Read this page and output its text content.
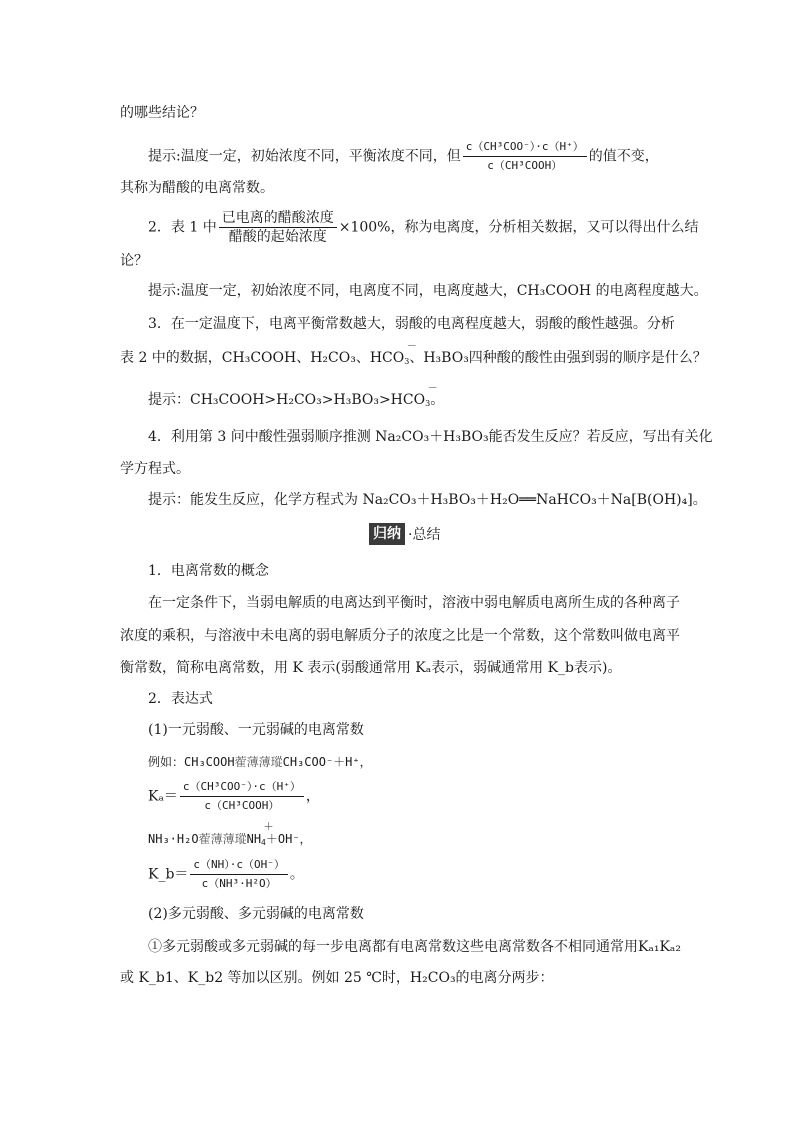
的哪些结论？
提示:温度一定，初始浓度不同，平衡浓度不同，但 $\frac{\text{c（CH³COO⁻）·c（H⁺）}}{\text{c（CH³COOH）}}$ 的值不变，
其称为醋酸的电离常数。
2．表 1 中 $\frac{\text{已电离的醋酸浓度}}{\text{醋酸的起始浓度}} \times 100\%$，称为电离度，分析相关数据，又可以得出什么结
论？
提示:温度一定，初始浓度不同，电离度不同，电离度越大，CH₃COOH 的电离程度越大。
3．在一定温度下，电离平衡常数越大，弱酸的电离程度越大，弱酸的酸性越强。分析
表 2 中的数据，CH₃COOH、H₂CO₃、HCO
－
$_3$、H₃BO₃四种酸的酸性由强到弱的顺序是什么？
提示：CH₃COOH>H₂CO₃>H₃BO₃>HCO
－
$_3$。
4．利用第 3 问中酸性强弱顺序推测 Na₂CO₃＋H₃BO₃能否发生反应？若反应，写出有关化
学方程式。
提示：能发生反应，化学方程式为 Na₂CO₃＋H₃BO₃＋H₂O══NaHCO₃＋Na[B(OH)₄]。
归纳 ·总结
1．电离常数的概念
在一定条件下，当弱电解质的电离达到平衡时，溶液中弱电解质电离所生成的各种离子
浓度的乘积，与溶液中未电离的弱电解质分子的浓度之比是一个常数，这个常数叫做电离平
衡常数，简称电离常数，用 K 表示(弱酸通常用 Kₐ表示，弱碱通常用 K_b表示)。
2．表达式
(1)一元弱酸、一元弱碱的电离常数
例如：CH₃COOH蒮薄薄瑽CH₃COO⁻＋H⁺，
$K_a= \frac{\text{c（CH³COO⁻）·c（H⁺）}}{\text{c（CH³COOH）}}$ ，
NH₃·H₂O蒮薄薄瑽NH
＋
$_4$＋OH⁻，
K_b＝ $\frac{c(NH)\cdot c(OH^-)}{\text{c（NH³·H²O）}}$ 。
(2)多元弱酸、多元弱碱的电离常数
①多元弱酸或多元弱碱的每一步电离都有电离常数这些电离常数各不相同通常用Kₐ₁Kₐ₂
或 K_b1、K_b2 等加以区别。例如 25 ℃时，H₂CO₃的电离分两步：
